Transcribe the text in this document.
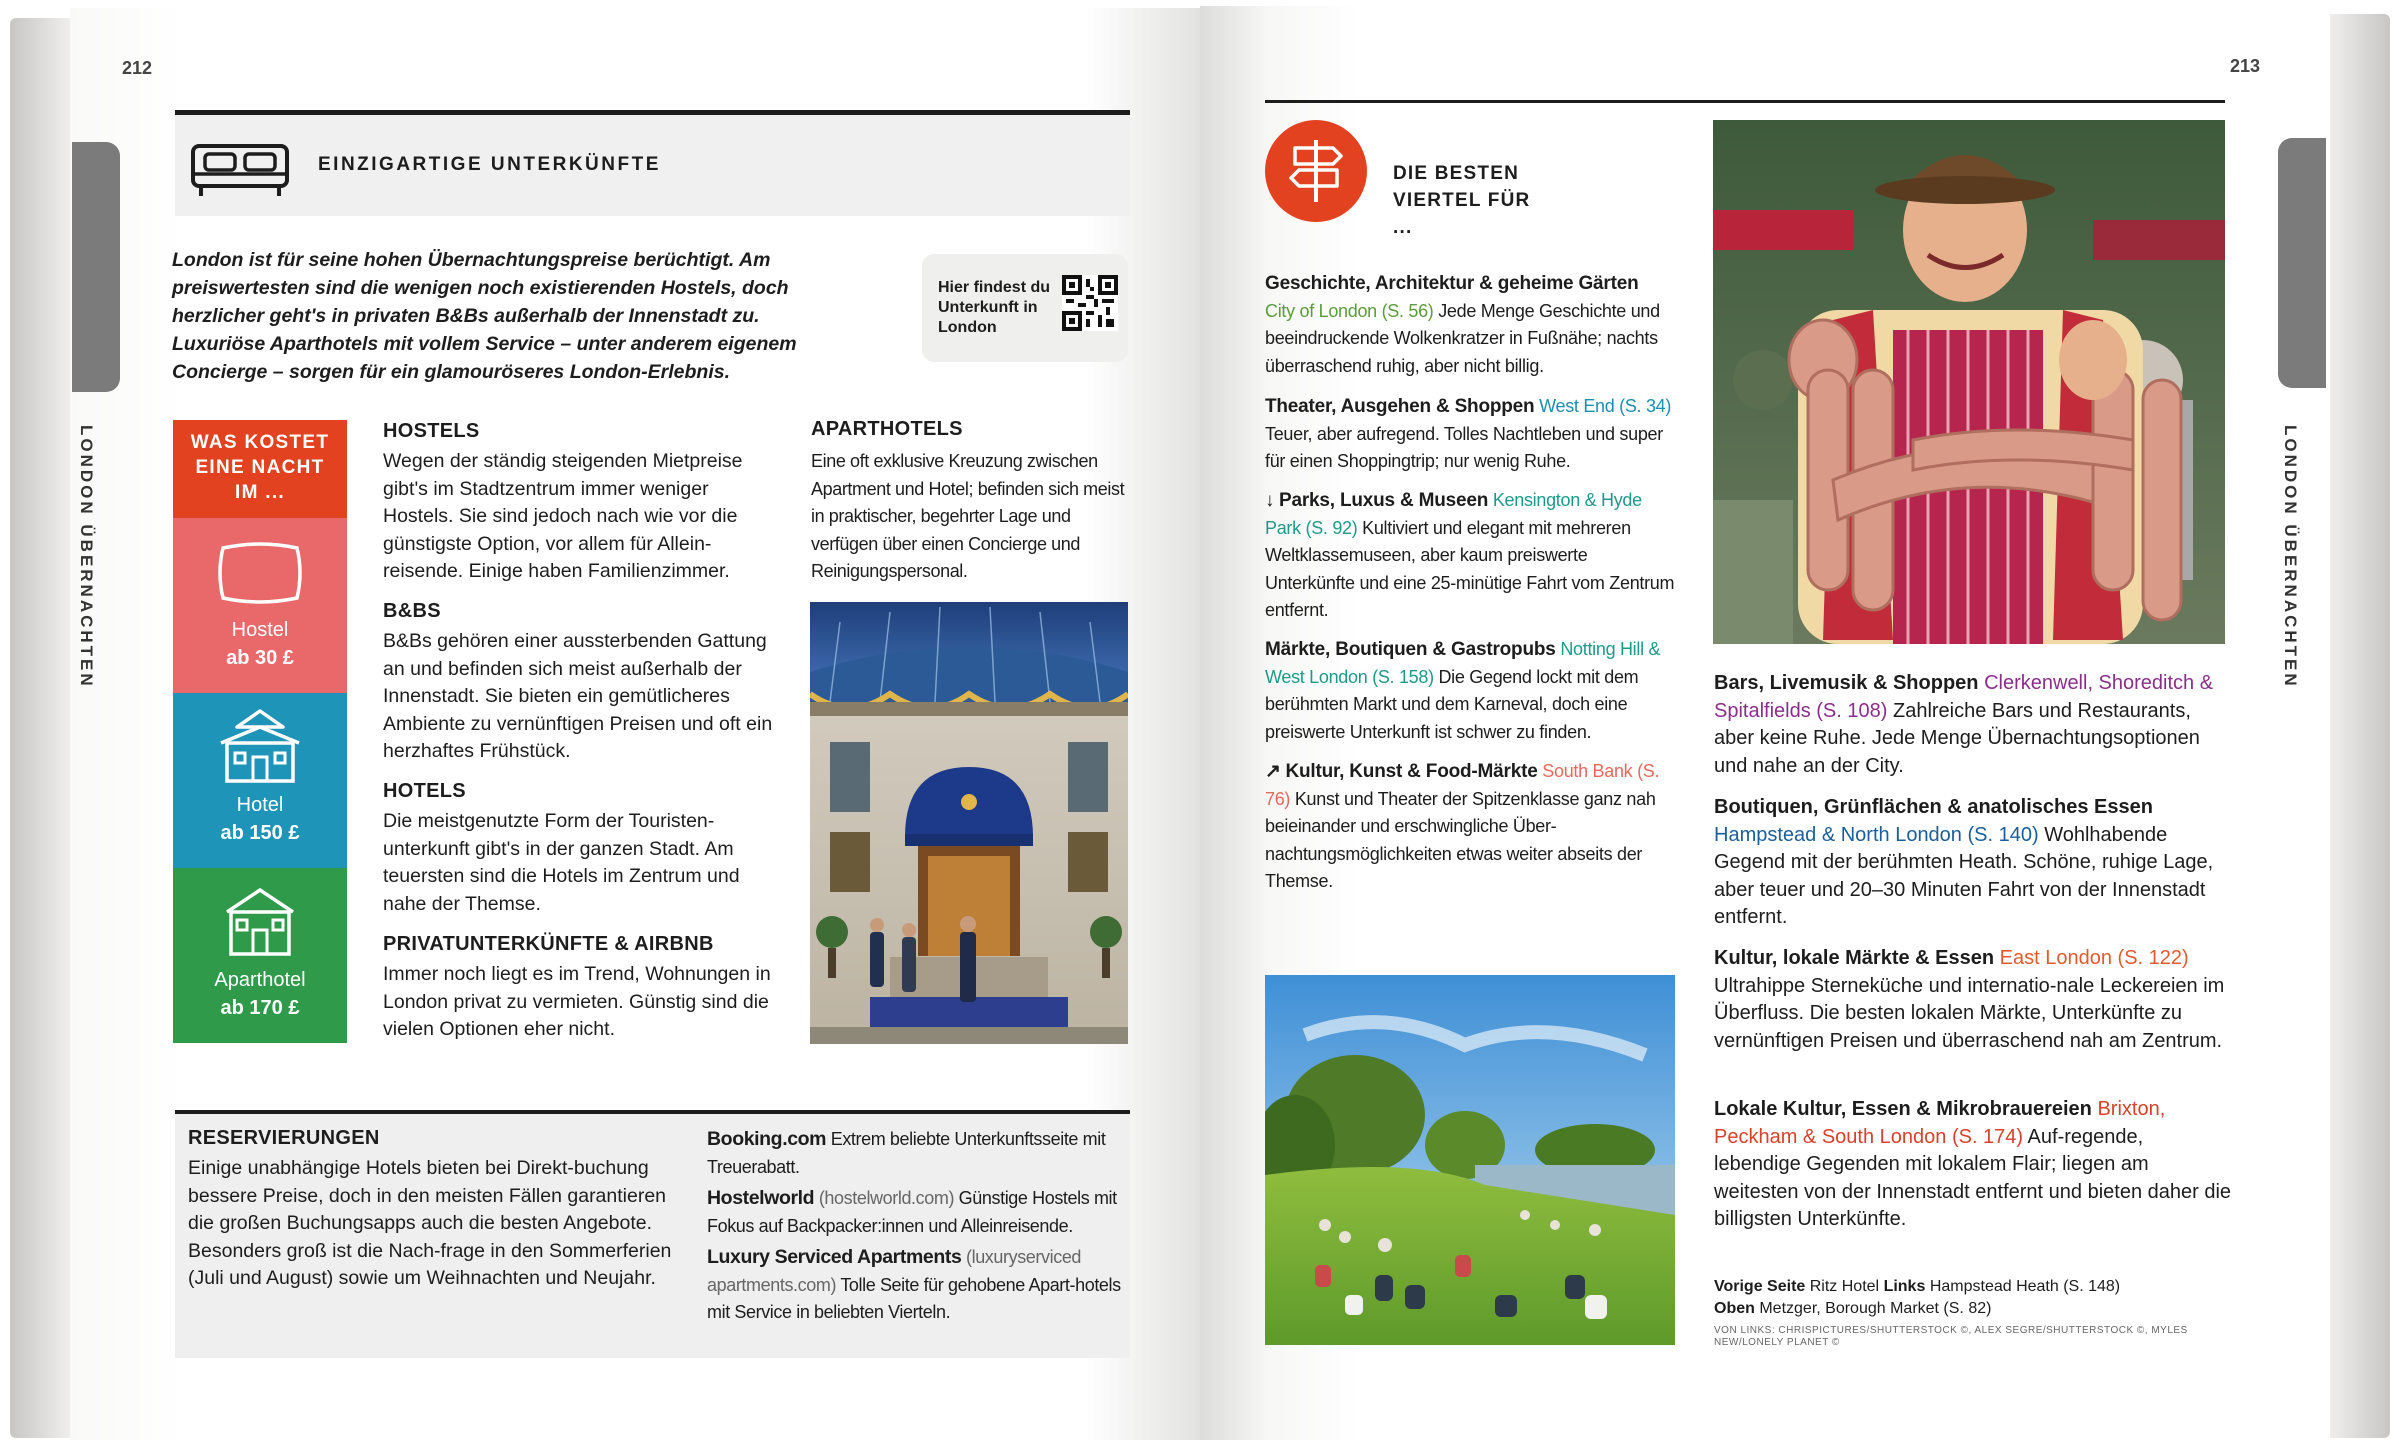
212
LONDON ÜBERNACHTEN
EINZIGARTIGE UNTERKÜNFTE
London ist für seine hohen Übernachtungspreise berüchtigt. Am preiswertesten sind die wenigen noch existierenden Hostels, doch herzlicher geht's in privaten B&Bs außerhalb der Innenstadt zu. Luxuriöse Aparthotels mit vollem Service – unter anderem eigenem Concierge – sorgen für ein glamouröseres London-Erlebnis.
Hier findest du Unterkunft in London
WAS KOSTET EINE NACHT IM ...
Hostel
ab 30 £
Hotel
ab 150 £
Aparthotel
ab 170 £
HOSTELS
Wegen der ständig steigenden Mietpreise gibt's im Stadtzentrum immer weniger Hostels. Sie sind jedoch nach wie vor die günstigste Option, vor allem für Allein-reisende. Einige haben Familienzimmer.
B&BS
B&Bs gehören einer aussterbenden Gattung an und befinden sich meist außerhalb der Innenstadt. Sie bieten ein gemütlicheres Ambiente zu vernünftigen Preisen und oft ein herzhaftes Frühstück.
HOTELS
Die meistgenutzte Form der Touristen-unterkunft gibt's in der ganzen Stadt. Am teuersten sind die Hotels im Zentrum und nahe der Themse.
PRIVATUNTERKÜNFTE & AIRBNB
Immer noch liegt es im Trend, Wohnungen in London privat zu vermieten. Günstig sind die vielen Optionen eher nicht.
APARTHOTELS
Eine oft exklusive Kreuzung zwischen Apartment und Hotel; befinden sich meist in praktischer, begehrter Lage und verfügen über einen Concierge und Reinigungspersonal.
RESERVIERUNGEN
Einige unabhängige Hotels bieten bei Direkt-buchung bessere Preise, doch in den meisten Fällen garantieren die großen Buchungsapps auch die besten Angebote. Besonders groß ist die Nach-frage in den Sommerferien (Juli und August) sowie um Weihnachten und Neujahr.
Booking.com Extrem beliebte Unterkunftsseite mit Treuerabatt.
Hostelworld (hostelworld.com) Günstige Hostels mit Fokus auf Backpacker:innen und Alleinreisende.
Luxury Serviced Apartments (luxuryserviced apartments.com) Tolle Seite für gehobene Apart-hotels mit Service in beliebten Vierteln.
213
LONDON ÜBERNACHTEN
DIE BESTEN VIERTEL FÜR ...
Geschichte, Architektur & geheime Gärten
City of London (S. 56) Jede Menge Geschichte und beeindruckende Wolkenkratzer in Fußnähe; nachts überraschend ruhig, aber nicht billig.
Theater, Ausgehen & Shoppen West End (S. 34) Teuer, aber aufregend. Tolles Nachtleben und super für einen Shoppingtrip; nur wenig Ruhe.
↓ Parks, Luxus & Museen Kensington & Hyde Park (S. 92) Kultiviert und elegant mit mehreren Weltklassemuseen, aber kaum preiswerte Unterkünfte und eine 25-minütige Fahrt vom Zentrum entfernt.
Märkte, Boutiquen & Gastropubs Notting Hill & West London (S. 158) Die Gegend lockt mit dem berühmten Markt und dem Karneval, doch eine preiswerte Unterkunft ist schwer zu finden.
↗ Kultur, Kunst & Food-Märkte South Bank (S. 76) Kunst und Theater der Spitzenklasse ganz nah beieinander und erschwingliche Über-nachtungsmöglichkeiten etwas weiter abseits der Themse.
Bars, Livemusik & Shoppen Clerkenwell, Shoreditch & Spitalfields (S. 108) Zahlreiche Bars und Restaurants, aber keine Ruhe. Jede Menge Übernachtungsoptionen und nahe an der City.
Boutiquen, Grünflächen & anatolisches Essen Hampstead & North London (S. 140) Wohlhabende Gegend mit der berühmten Heath. Schöne, ruhige Lage, aber teuer und 20–30 Minuten Fahrt von der Innenstadt entfernt.
Kultur, lokale Märkte & Essen East London (S. 122) Ultrahippe Sterneküche und internatio-nale Leckereien im Überfluss. Die besten lokalen Märkte, Unterkünfte zu vernünftigen Preisen und überraschend nah am Zentrum.
Lokale Kultur, Essen & Mikrobrauereien Brixton, Peckham & South London (S. 174) Auf-regende, lebendige Gegenden mit lokalem Flair; liegen am weitesten von der Innenstadt entfernt und bieten daher die billigsten Unterkünfte.
Vorige Seite Ritz Hotel Links Hampstead Heath (S. 148)
Oben Metzger, Borough Market (S. 82)
VON LINKS: CHRISPICTURES/SHUTTERSTOCK ©, ALEX SEGRE/SHUTTERSTOCK ©, MYLES NEW/LONELY PLANET ©
